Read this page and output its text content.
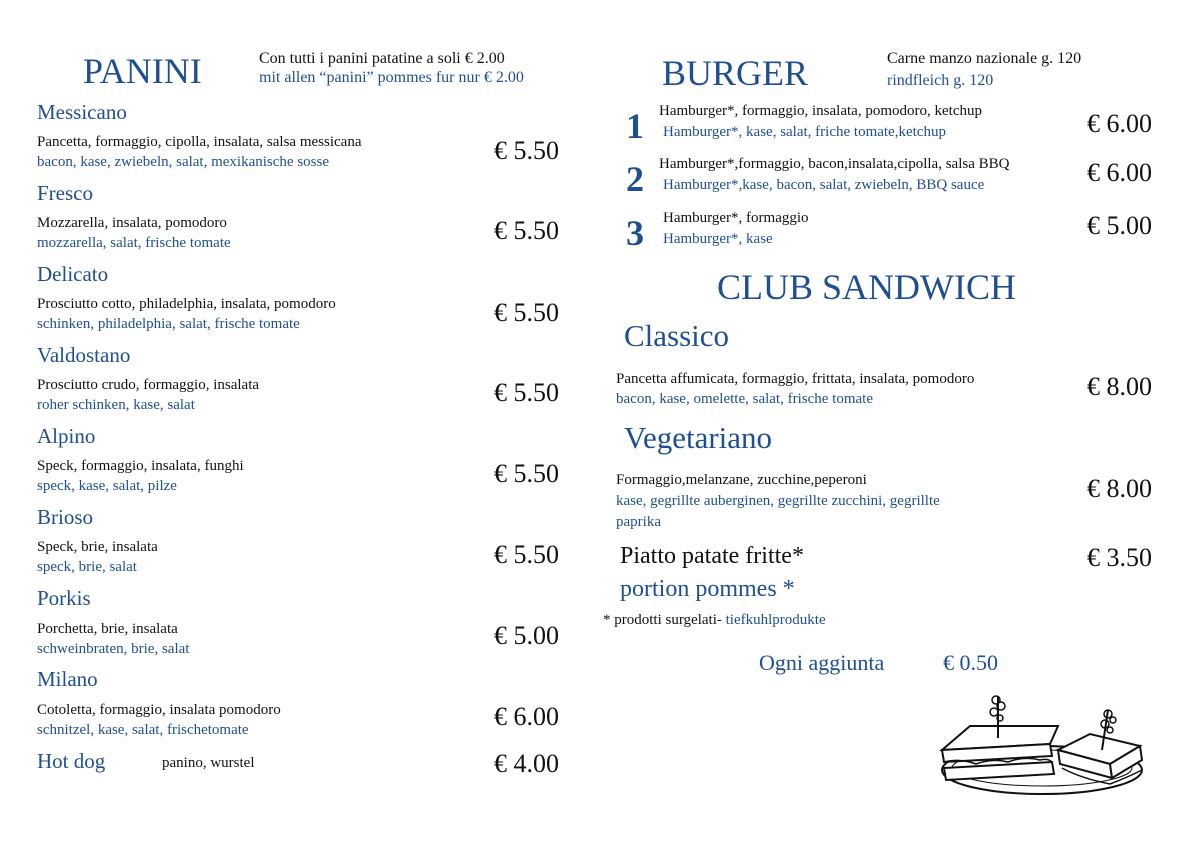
PANINI	Con tutti i panini patatine a soli € 2.00
mit allen “panini” pommes fur nur € 2.00
Messicano
Pancetta, formaggio, cipolla, insalata, salsa messicana
bacon, kase, zwiebeln, salat, mexikanische sosse	€ 5.50
Fresco
Mozzarella, insalata, pomodoro
mozzarella, salat, frische tomate	€ 5.50
Delicato
Prosciutto cotto, philadelphia, insalata, pomodoro
schinken, philadelphia, salat, frische tomate	€ 5.50
Valdostano
Prosciutto crudo, formaggio, insalata
roher schinken, kase, salat	€ 5.50
Alpino
Speck, formaggio, insalata, funghi
speck, kase, salat, pilze	€ 5.50
Brioso
Speck, brie, insalata
speck, brie, salat	€ 5.50
Porkis
Porchetta, brie, insalata
schweinbraten, brie, salat	€ 5.00
Milano
Cotoletta, formaggio, insalata pomodoro
schnitzel, kase, salat, frischetomate	€ 6.00
Hot dog	panino, wurstel	€ 4.00
BURGER	Carne manzo nazionale g. 120
rindfleich g. 120
1 Hamburger*, formaggio, insalata, pomodoro, ketchup
Hamburger*, kase, salat, friche tomate,ketchup	€ 6.00
2 Hamburger*,formaggio, bacon,insalata,cipolla, salsa BBQ
Hamburger*,kase, bacon, salat, zwiebeln, BBQ sauce	€ 6.00
3 Hamburger*, formaggio
Hamburger*, kase	€ 5.00
CLUB SANDWICH
Classico
Pancetta affumicata, formaggio, frittata, insalata, pomodoro
bacon, kase, omelette, salat, frische tomate	€ 8.00
Vegetariano
Formaggio,melanzane, zucchine,peperoni
kase, gegrillte auberginen, gegrillte zucchini, gegrillte
paprika
€ 8.00
Piatto patate fritte*
portion pommes *
€ 3.50
* prodotti surgelati- tiefkuhlprodukte
Ogni aggiunta	€ 0.50
